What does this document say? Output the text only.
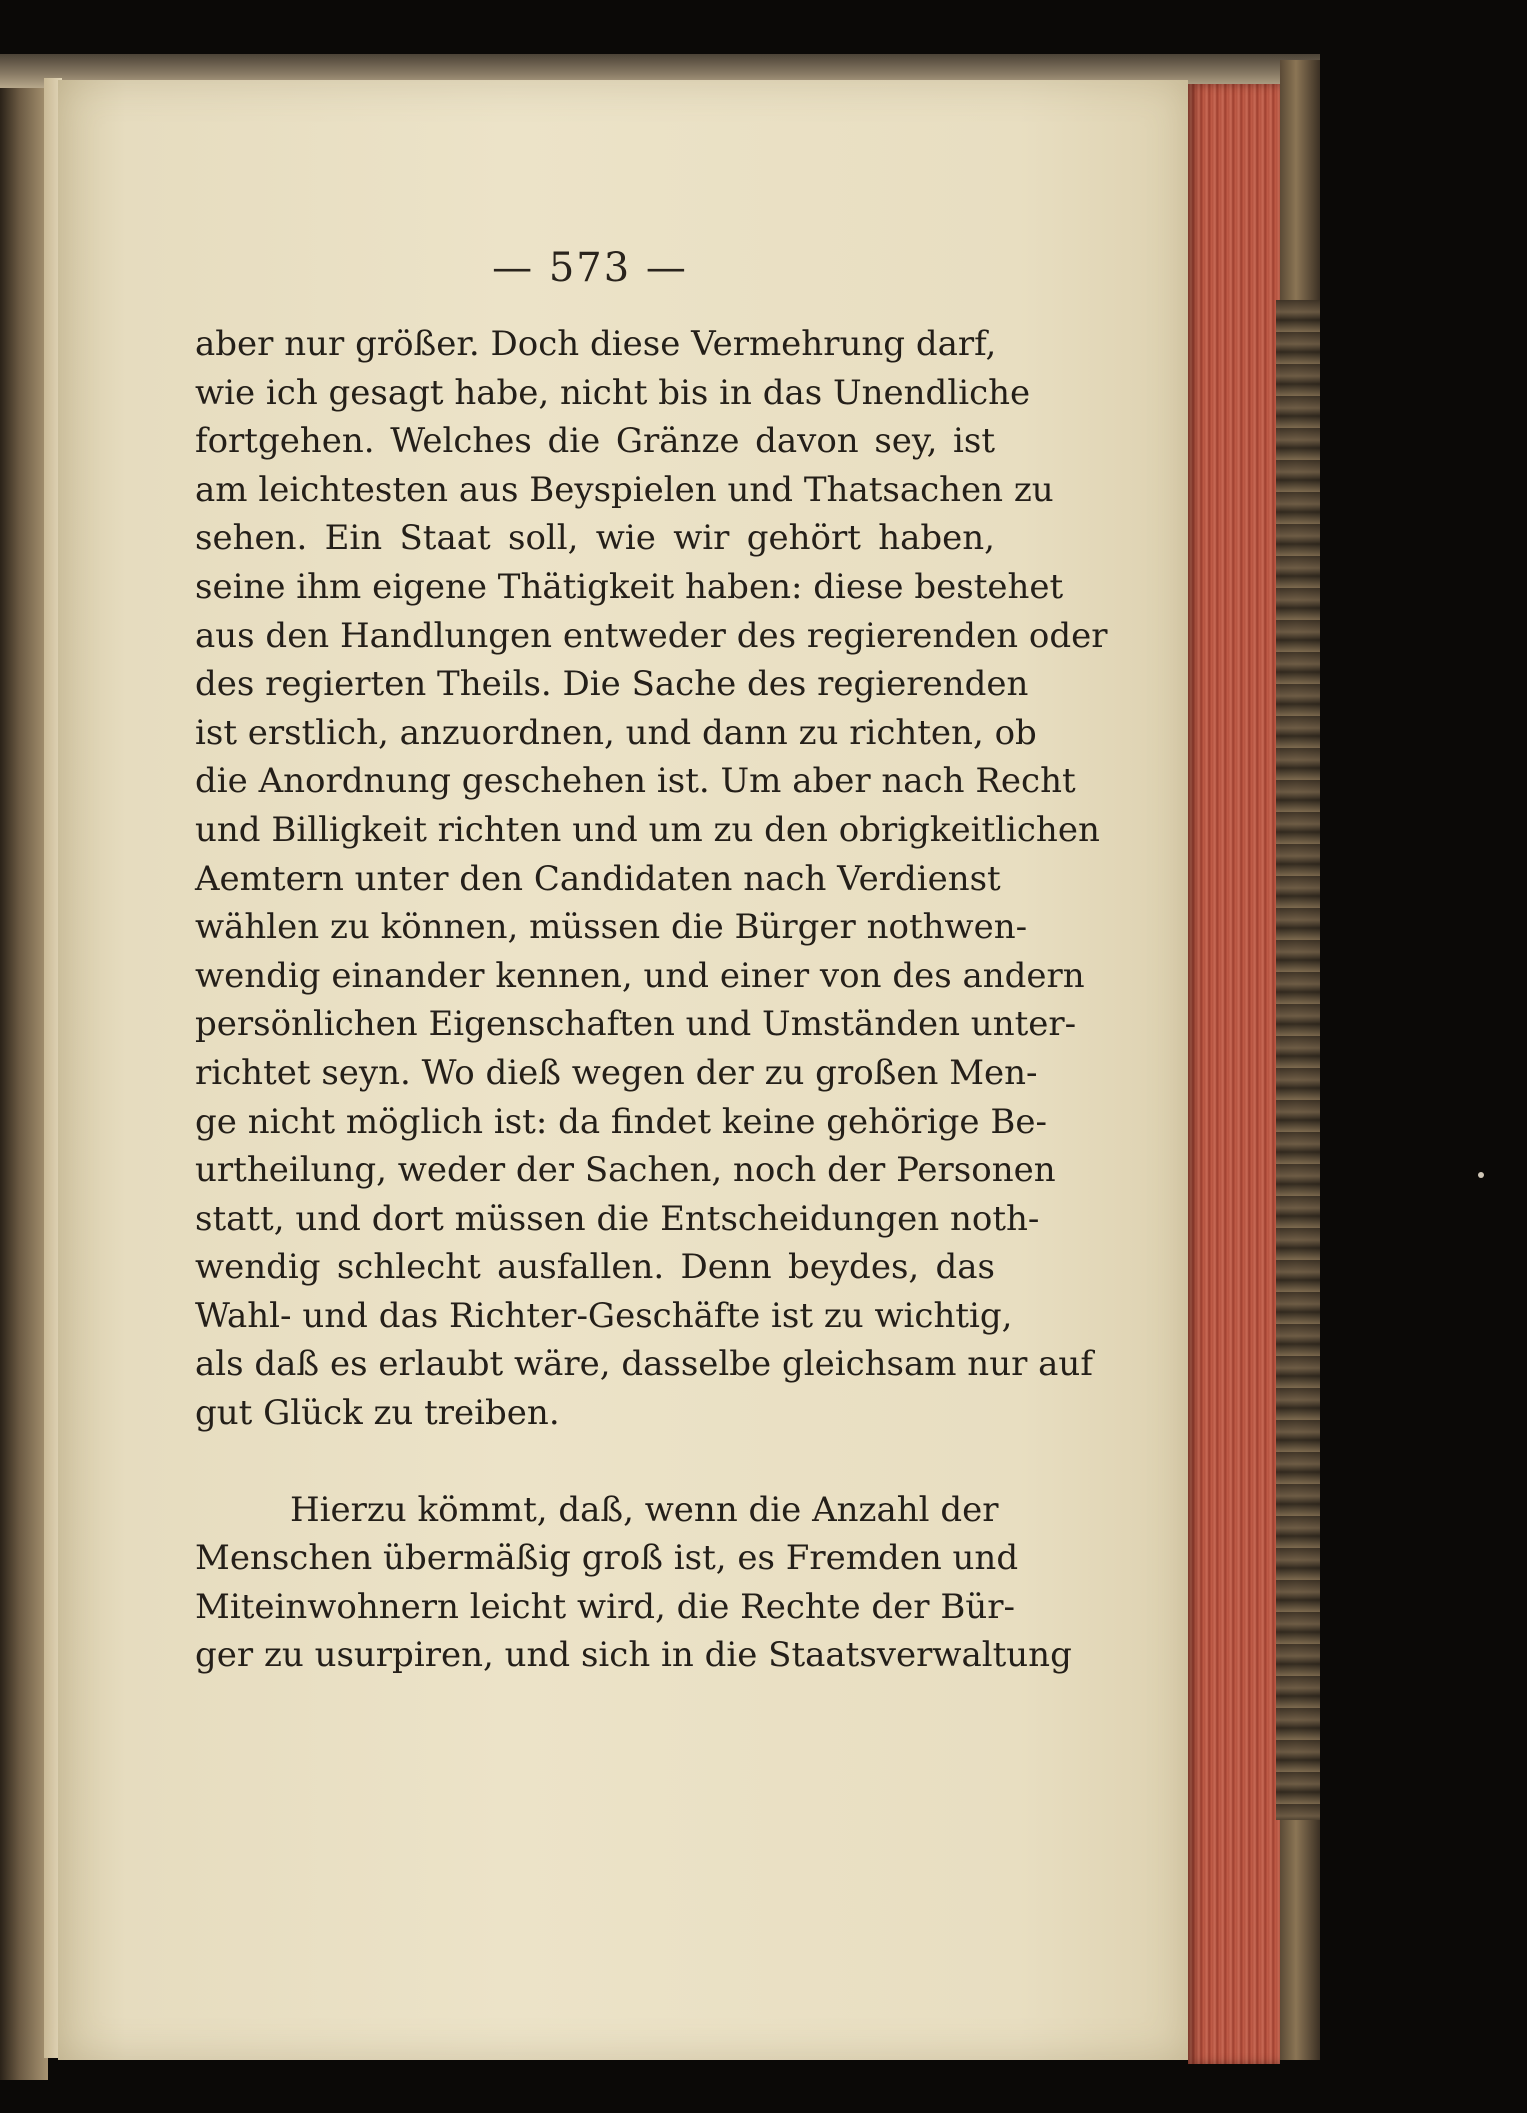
— 573 —
aber nur größer. Doch diese Vermehrung darf,
wie ich gesagt habe, nicht bis in das Unendliche
fortgehen. Welches die Gränze davon sey, ist
am leichtesten aus Beyspielen und Thatsachen zu
sehen. Ein Staat soll, wie wir gehört haben,
seine ihm eigene Thätigkeit haben: diese bestehet
aus den Handlungen entweder des regierenden oder
des regierten Theils. Die Sache des regierenden
ist erstlich, anzuordnen, und dann zu richten, ob
die Anordnung geschehen ist. Um aber nach Recht
und Billigkeit richten und um zu den obrigkeitlichen
Aemtern unter den Candidaten nach Verdienst
wählen zu können, müssen die Bürger nothwen-
wendig einander kennen, und einer von des andern
persönlichen Eigenschaften und Umständen unter-
richtet seyn. Wo dieß wegen der zu großen Men-
ge nicht möglich ist: da findet keine gehörige Be-
urtheilung, weder der Sachen, noch der Personen
statt, und dort müssen die Entscheidungen noth-
wendig schlecht ausfallen. Denn beydes, das
Wahl- und das Richter-Geschäfte ist zu wichtig,
als daß es erlaubt wäre, dasselbe gleichsam nur auf
gut Glück zu treiben.
Hierzu kömmt, daß, wenn die Anzahl der
Menschen übermäßig groß ist, es Fremden und
Miteinwohnern leicht wird, die Rechte der Bür-
ger zu usurpiren, und sich in die Staatsverwaltung
